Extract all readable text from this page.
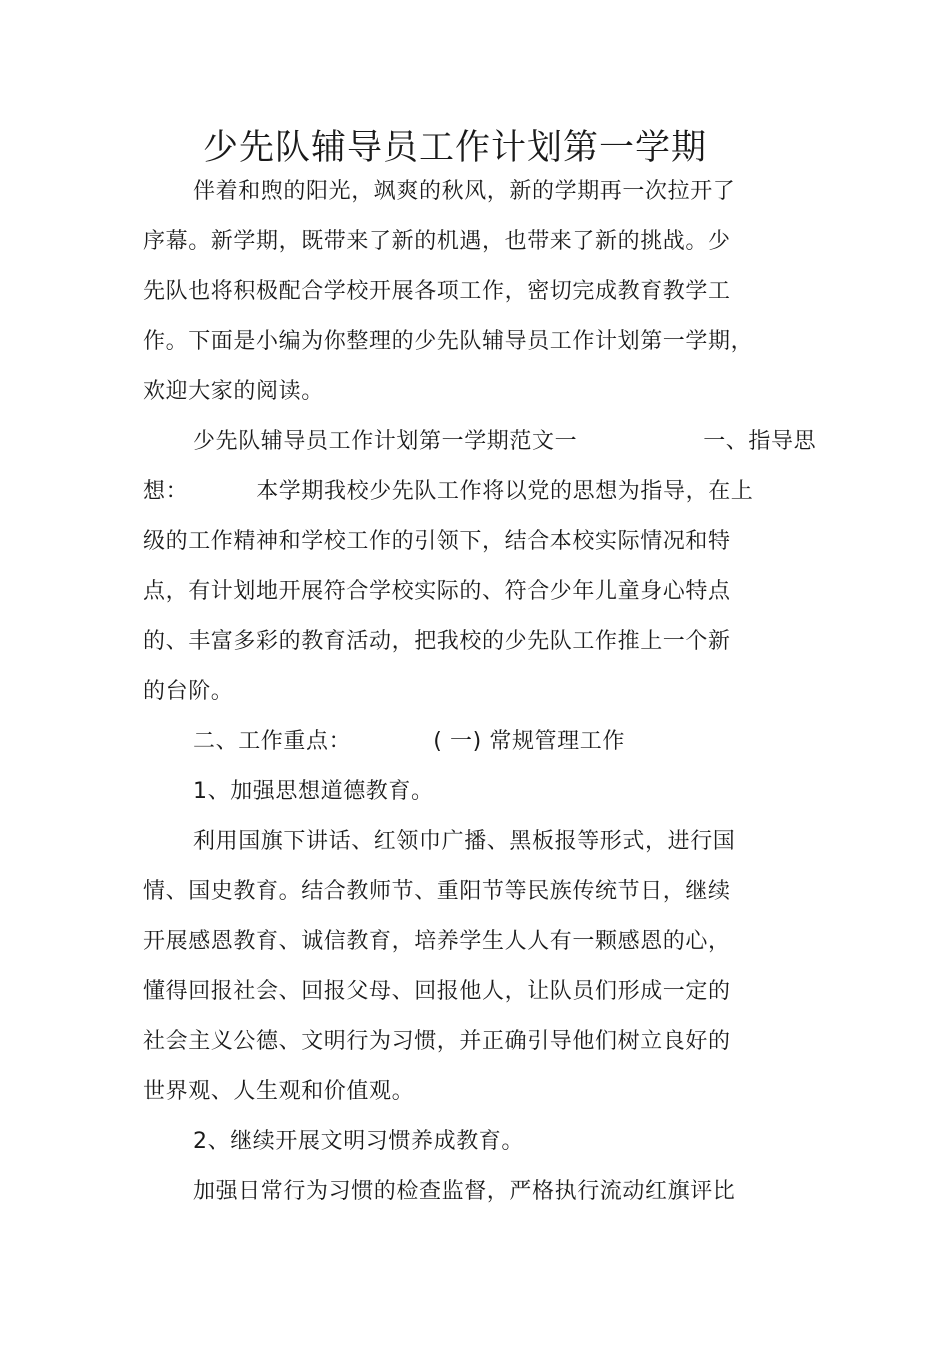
少先队辅导员工作计划第一学期
伴着和煦的阳光，飒爽的秋风，新的学期再一次拉开了
序幕。新学期，既带来了新的机遇，也带来了新的挑战。少
先队也将积极配合学校开展各项工作，密切完成教育教学工
作。下面是小编为你整理的少先队辅导员工作计划第一学期，
欢迎大家的阅读。
少先队辅导员工作计划第一学期范文一	一、指导思
想：	本学期我校少先队工作将以党的思想为指导，在上
级的工作精神和学校工作的引领下，结合本校实际情况和特
点，有计划地开展符合学校实际的、符合少年儿童身心特点
的、丰富多彩的教育活动，把我校的少先队工作推上一个新
的台阶。
二、工作重点：	( 一) 常规管理工作
1、加强思想道德教育。
利用国旗下讲话、红领巾广播、黑板报等形式，进行国
情、国史教育。结合教师节、重阳节等民族传统节日，继续
开展感恩教育、诚信教育，培养学生人人有一颗感恩的心，
懂得回报社会、回报父母、回报他人，让队员们形成一定的
社会主义公德、文明行为习惯，并正确引导他们树立良好的
世界观、人生观和价值观。
2、继续开展文明习惯养成教育。
加强日常行为习惯的检查监督，严格执行流动红旗评比
